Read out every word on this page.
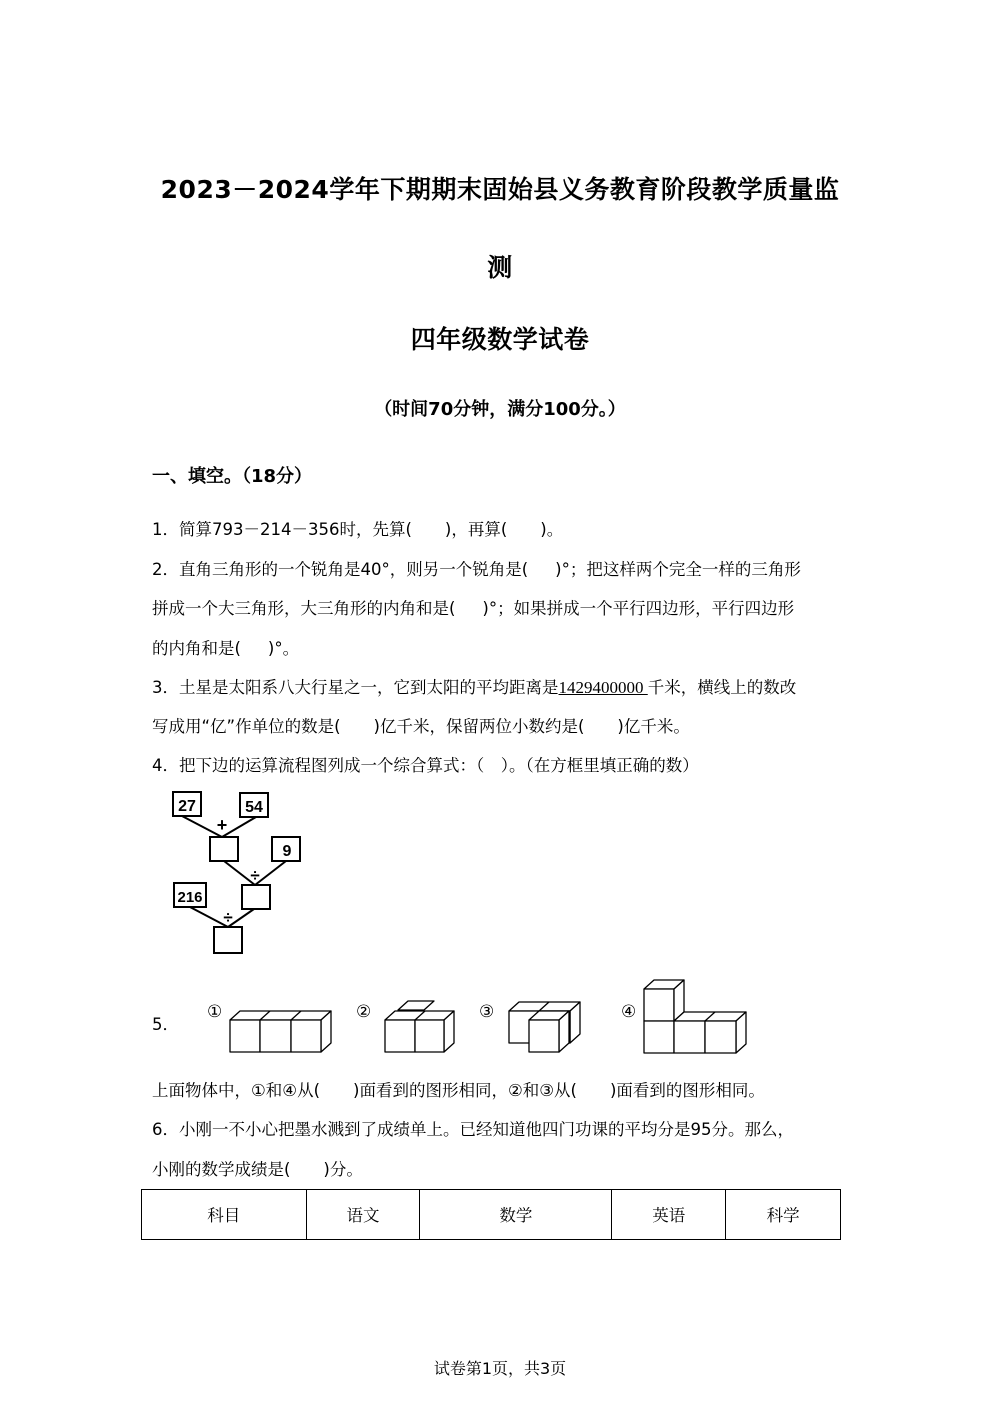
2023－2024学年下期期末固始县义务教育阶段教学质量监
测
四年级数学试卷
（时间70分钟，满分100分。）
一、填空。（18分）
1．简算793－214－356时，先算(　　)，再算(　　)。
2．直角三角形的一个锐角是40°，则另一个锐角是(　  )°；把这样两个完全一样的三角形
拼成一个大三角形，大三角形的内角和是(　  )°；如果拼成一个平行四边形，平行四边形
的内角和是(　  )°。
3．土星是太阳系八大行星之一，它到太阳的平均距离是1429400000 千米，横线上的数改
写成用“亿”作单位的数是(　　)亿千米，保留两位小数约是(　　)亿千米。
4．把下边的运算流程图列成一个综合算式：（　）。（在方框里填正确的数）
27	54
+
9
÷
216
÷
5．
①	②	③	④
上面物体中，①和④从(　　)面看到的图形相同，②和③从(　　)面看到的图形相同。
6．小刚一不小心把墨水溅到了成绩单上。已经知道他四门功课的平均分是95分。那么，
小刚的数学成绩是(　　)分。
科目	语文	数学	英语	科学
试卷第1页，共3页
